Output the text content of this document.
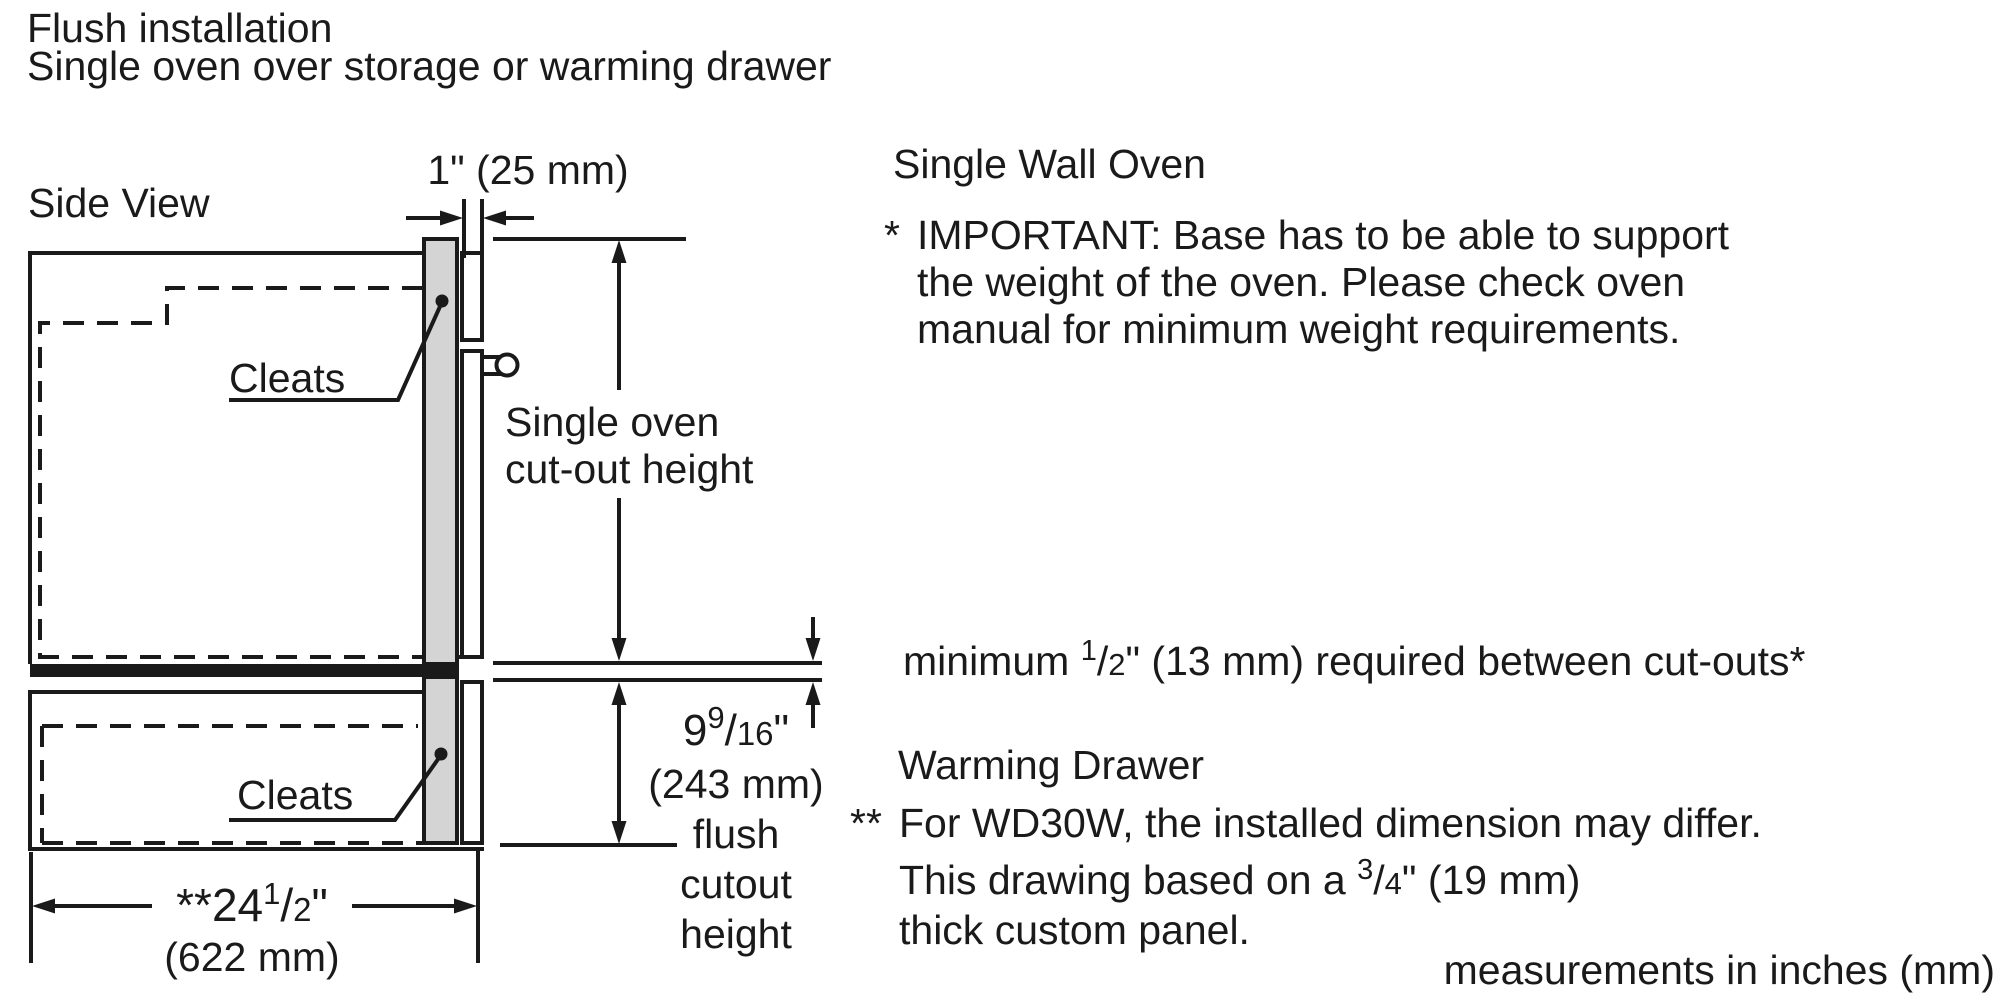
Flush installation
Single oven over storage or warming drawer
Side View
1" (25 mm)
Cleats
Cleats
Single oven
cut-out height
$9^9/16$"
(243 mm)
flush
cutout
height
$**24^1/2$"
(622 mm)
minimum $^1$/2" (13 mm) required between cut-outs*
Single Wall Oven
* IMPORTANT: Base has to be able to support
the weight of the oven. Please check oven
manual for minimum weight requirements.
Warming Drawer
** For WD30W, the installed dimension may differ.
This drawing based on a $^3$/4" (19 mm)
thick custom panel.
measurements in inches (mm)
